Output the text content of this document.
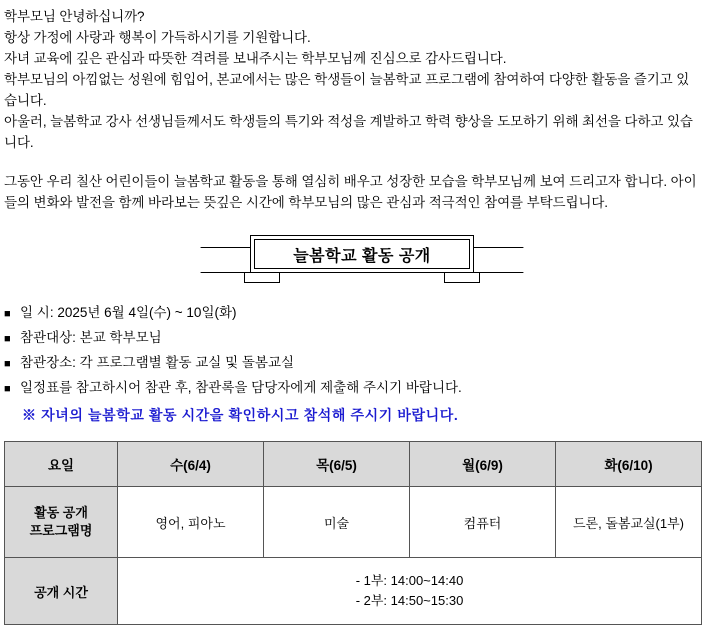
학부모님 안녕하십니까?

항상 가정에 사랑과 행복이 가득하시기를 기원합니다.

자녀 교육에 깊은 관심과 따뜻한 격려를 보내주시는 학부모님께 진심으로 감사드립니다.

학부모님의 아낌없는 성원에 힘입어, 본교에서는 많은 학생들이 늘봄학교 프로그램에 참여하여 다양한 활동을 즐기고 있습니다.

아울러, 늘봄학교 강사 선생님들께서도 학생들의 특기와 적성을 계발하고 학력 향상을 도모하기 위해 최선을 다하고 있습니다.

그동안 우리 칠산 어린이들이 늘봄학교 활동을 통해 열심히 배우고 성장한 모습을 학부모님께 보여 드리고자 합니다. 아이들의 변화와 발전을 함께 바라보는 뜻깊은 시간에 학부모님의 많은 관심과 적극적인 참여를 부탁드립니다.

늘봄학교 활동 공개
■ 일 시: 2025년 6월 4일(수) ~ 10일(화)
■ 참관대상: 본교 학부모님
■ 참관장소: 각 프로그램별 활동 교실 및 돌봄교실
■ 일정표를 참고하시어 참관 후, 참관록을 담당자에게 제출해 주시기 바랍니다.
※ 자녀의 늘봄학교 활동 시간을 확인하시고 참석해 주시기 바랍니다.
요일	수(6/4)	목(6/5)	월(6/9)	화(6/10)

활동 공개
프로그램명	영어, 피아노	미술	컴퓨터	드론, 돌봄교실(1부)
공개 시간	- 1부: 14:00~14:40
- 2부: 14:50~15:30			
